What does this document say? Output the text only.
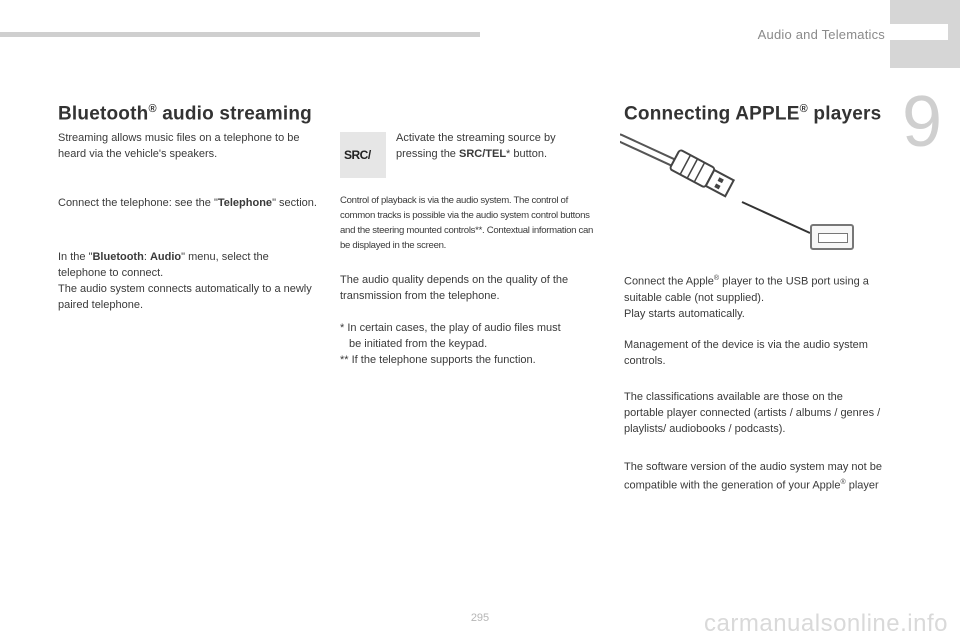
Audio and Telematics
9
Bluetooth® audio streaming

Streaming allows music files on a telephone to be heard via the vehicle's speakers.

Connect the telephone: see the "Telephone" section.

In the "Bluetooth: Audio" menu, select the telephone to connect.
The audio system connects automatically to a newly paired telephone.

SRC/

Activate the streaming source by pressing the SRC/TEL* button.

Control of playback is via the audio system. The control of common tracks is possible via the audio system control buttons and the steering mounted controls**. Contextual information can be displayed in the screen.

The audio quality depends on the quality of the transmission from the telephone.

* In certain cases, the play of audio files must
be initiated from the keypad.
** If the telephone supports the function.

Connecting APPLE® players

Connect the Apple® player to the USB port using a suitable cable (not supplied).
Play starts automatically.

Management of the device is via the audio system controls.

The classifications available are those on the portable player connected (artists / albums / genres / playlists/ audiobooks / podcasts).

The software version of the audio system may not be compatible with the generation of your Apple® player

295	carmanualsonline.info
